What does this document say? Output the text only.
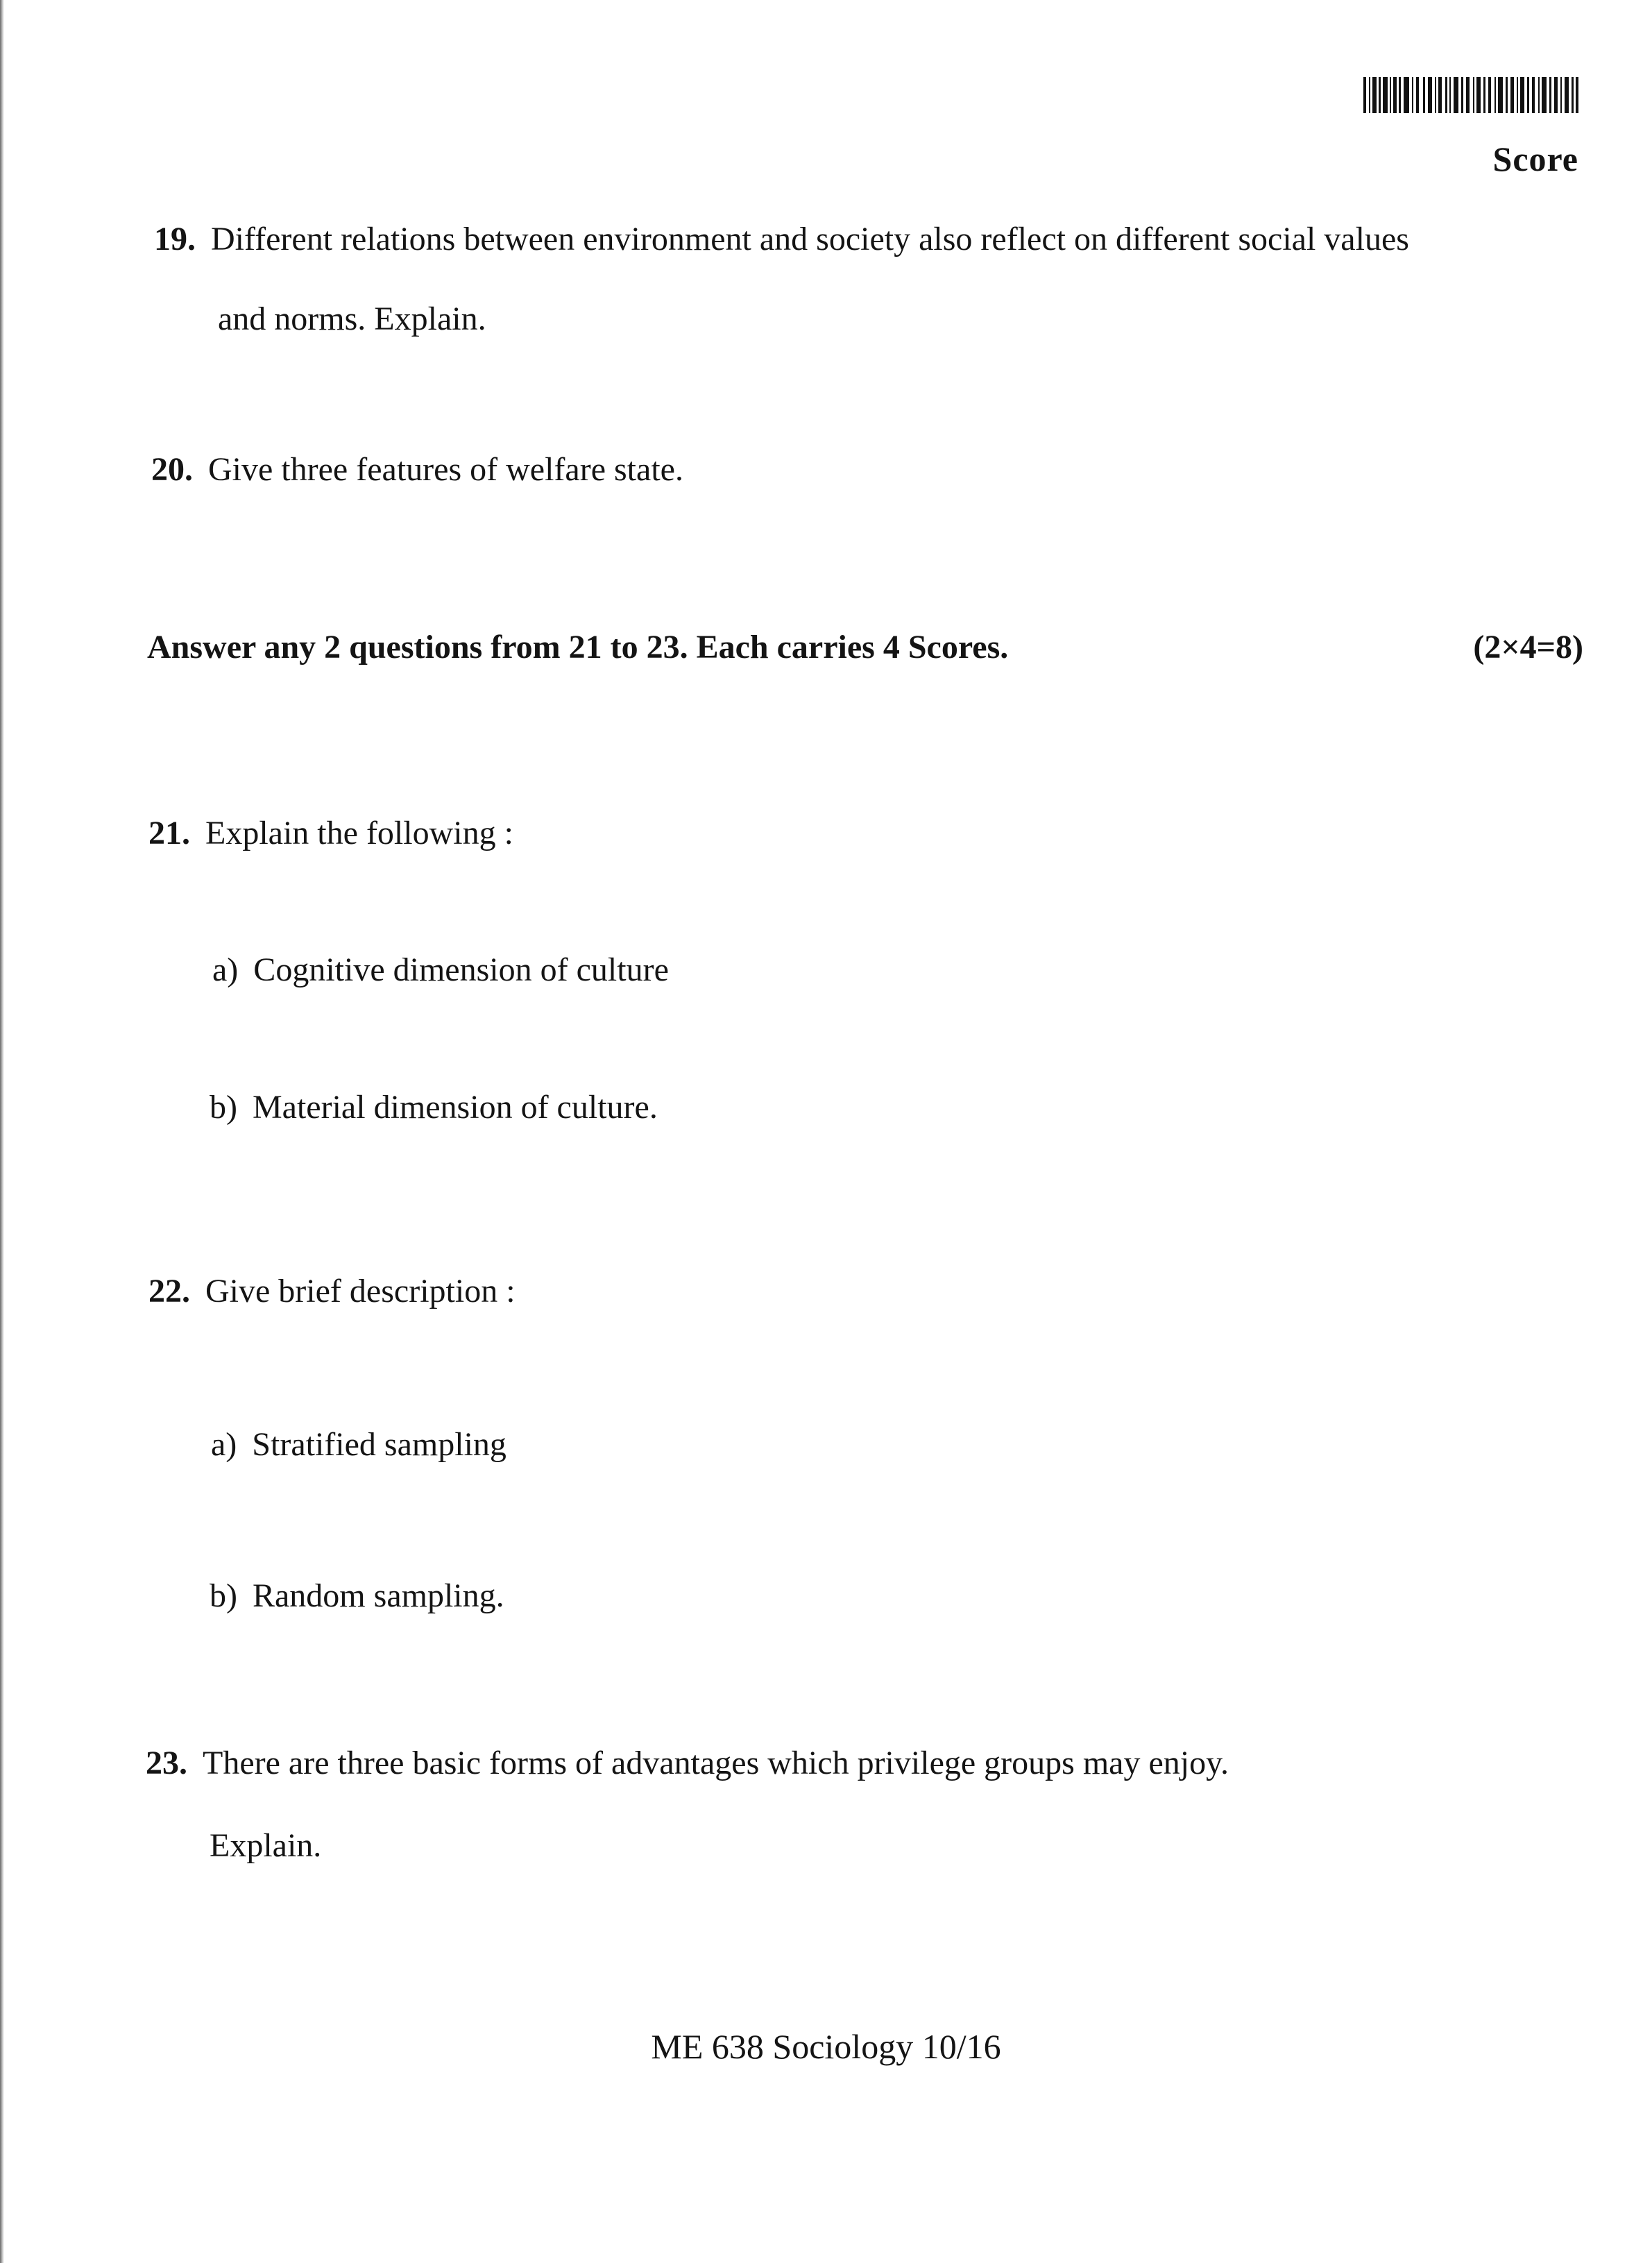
Score
19. Different relations between environment and society also reflect on different social values
and norms. Explain.
20. Give three features of welfare state.
Answer any 2 questions from 21 to 23. Each carries 4 Scores.	(2×4=8)
21. Explain the following :
a) Cognitive dimension of culture
b) Material dimension of culture.
22. Give brief description :
a) Stratified sampling
b) Random sampling.
23. There are three basic forms of advantages which privilege groups may enjoy.
Explain.
ME 638 Sociology 10/16
